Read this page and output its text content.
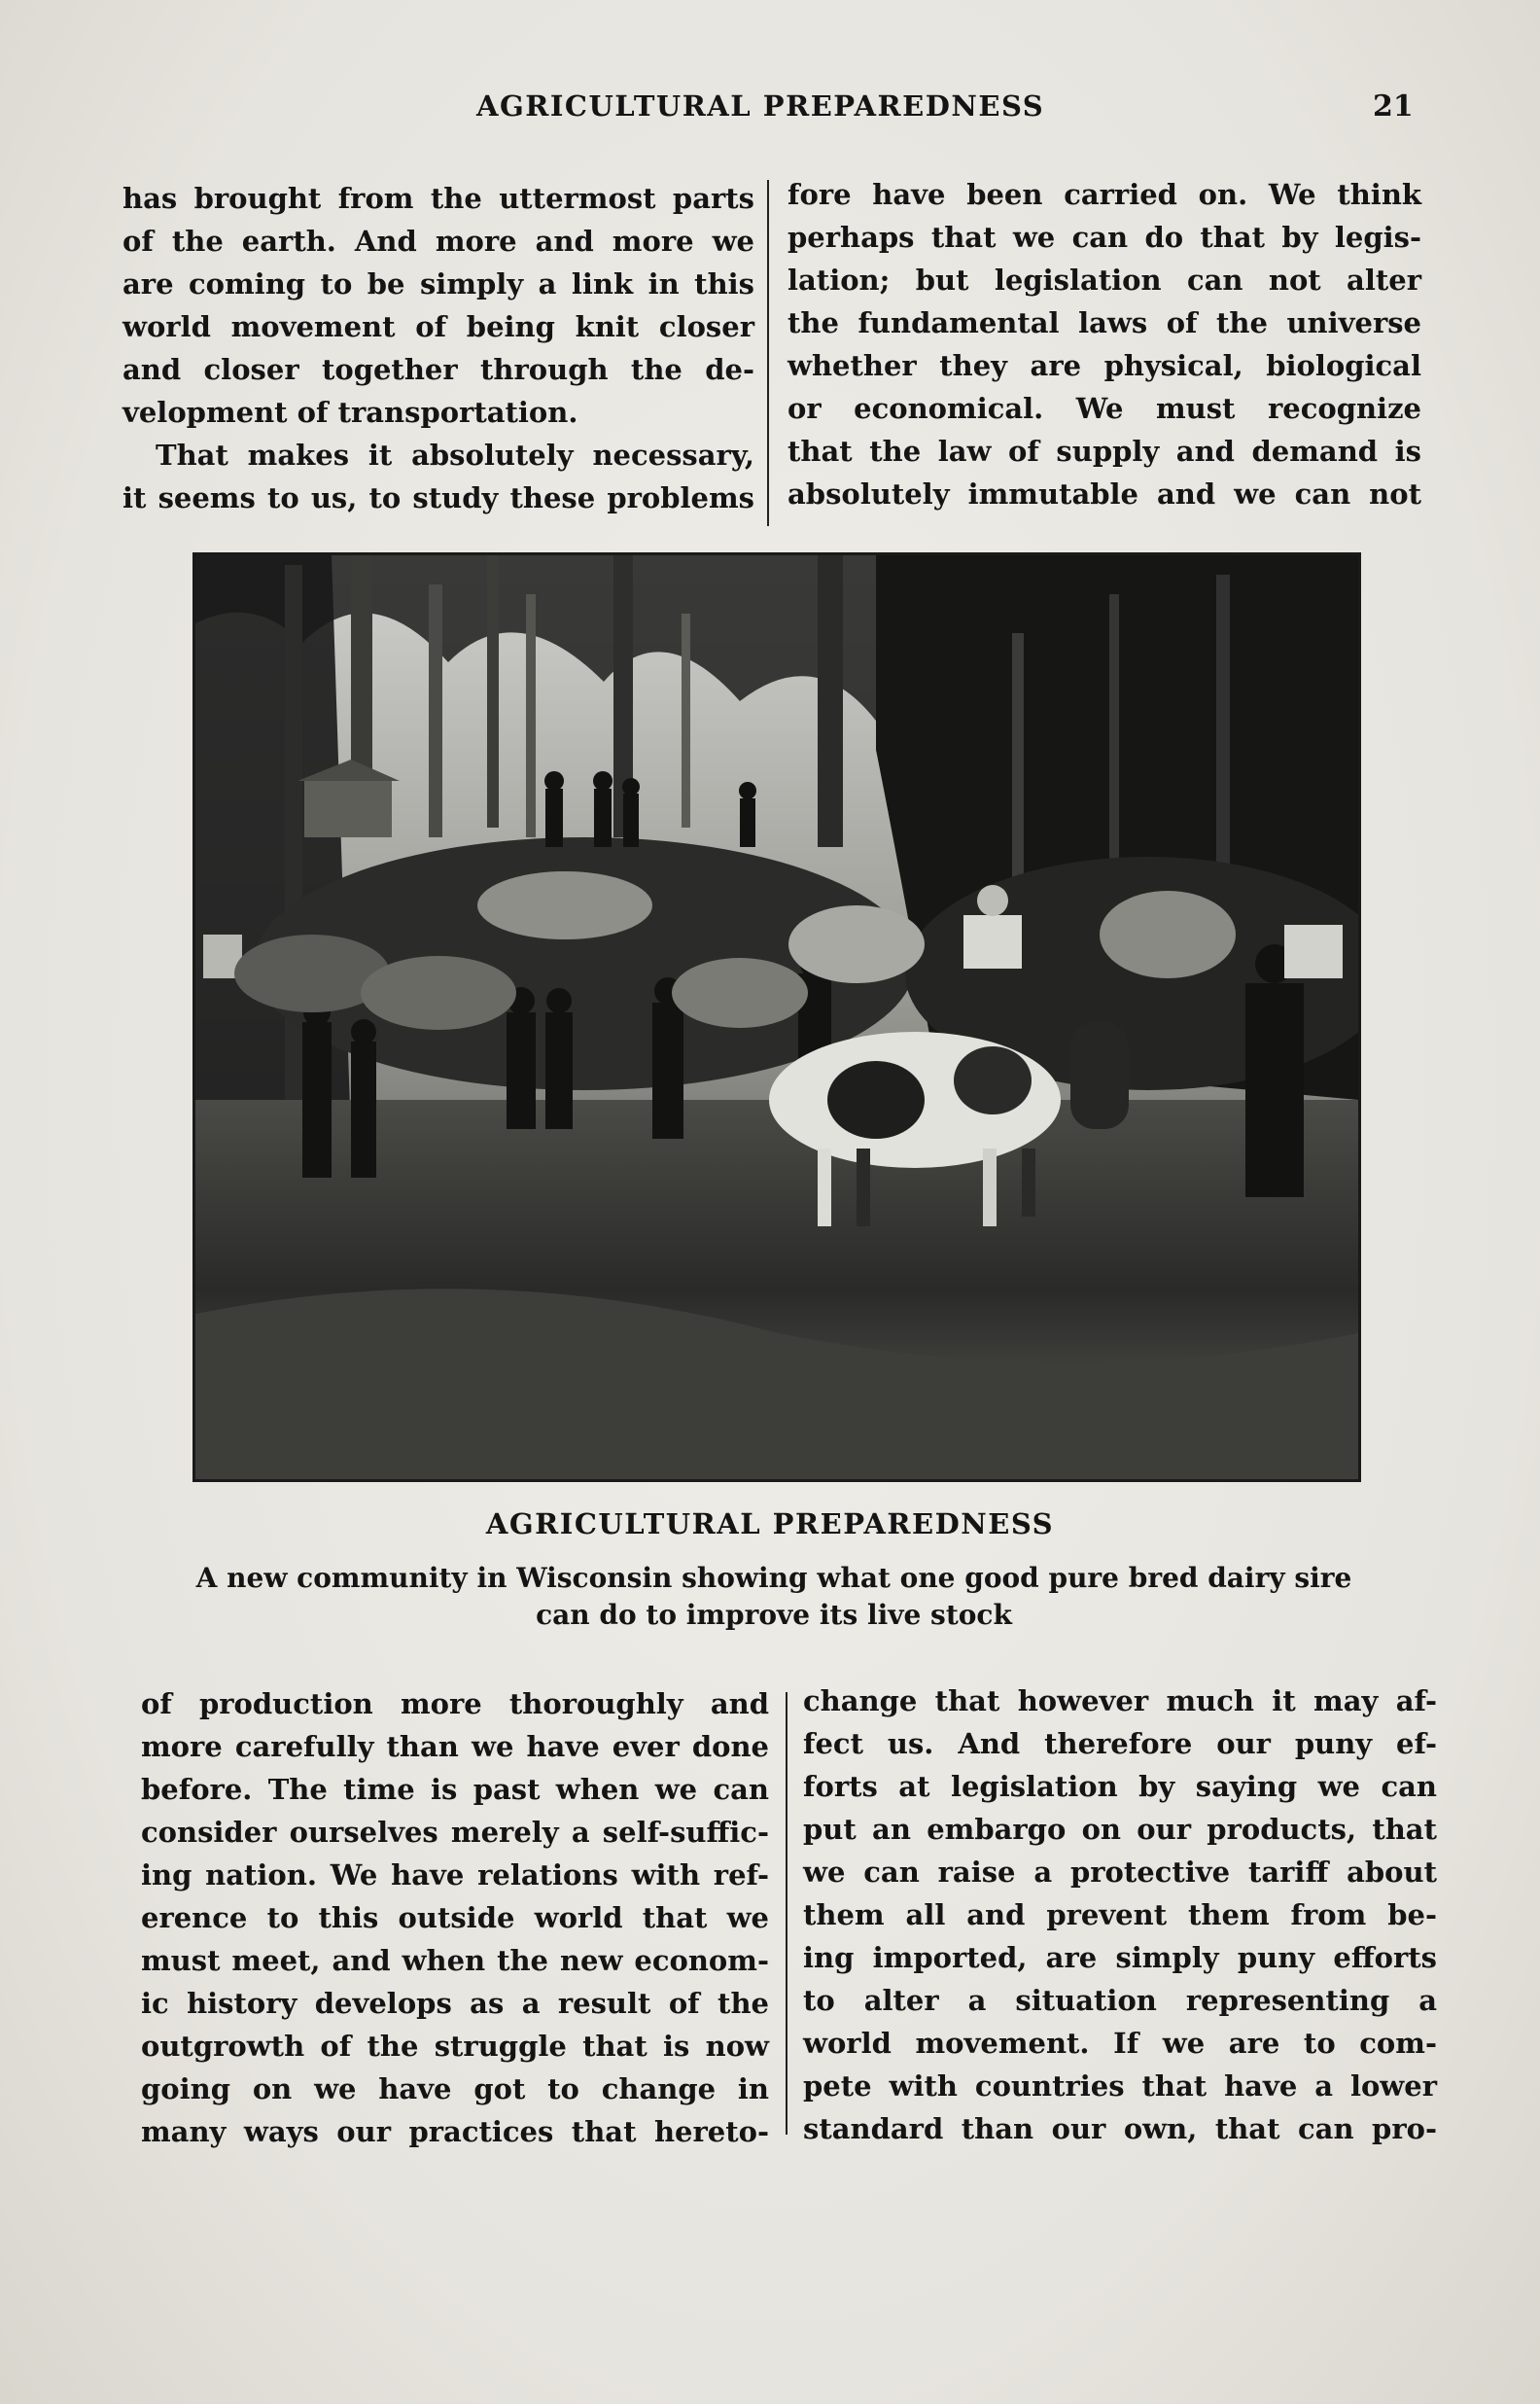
AGRICULTURAL PREPAREDNESS	21

has brought from the uttermost parts
of the earth. And more and more we
are coming to be simply a link in this
world movement of being knit closer
and closer together through the de-
velopment of transportation.

That makes it absolutely necessary,
it seems to us, to study these problems

fore have been carried on. We think
perhaps that we can do that by legis-
lation; but legislation can not alter
the fundamental laws of the universe
whether they are physical, biological
or economical. We must recognize
that the law of supply and demand is
absolutely immutable and we can not
AGRICULTURAL PREPAREDNESS
A new community in Wisconsin showing what one good pure bred dairy sire
can do to improve its live stock
of production more thoroughly and
more carefully than we have ever done
before. The time is past when we can
consider ourselves merely a self-suffic-
ing nation. We have relations with ref-
erence to this outside world that we
must meet, and when the new econom-
ic history develops as a result of the
outgrowth of the struggle that is now
going on we have got to change in
many ways our practices that hereto-
change that however much it may af-
fect us. And therefore our puny ef-
forts at legislation by saying we can
put an embargo on our products, that
we can raise a protective tariff about
them all and prevent them from be-
ing imported, are simply puny efforts
to alter a situation representing a
world movement. If we are to com-
pete with countries that have a lower
standard than our own, that can pro-
